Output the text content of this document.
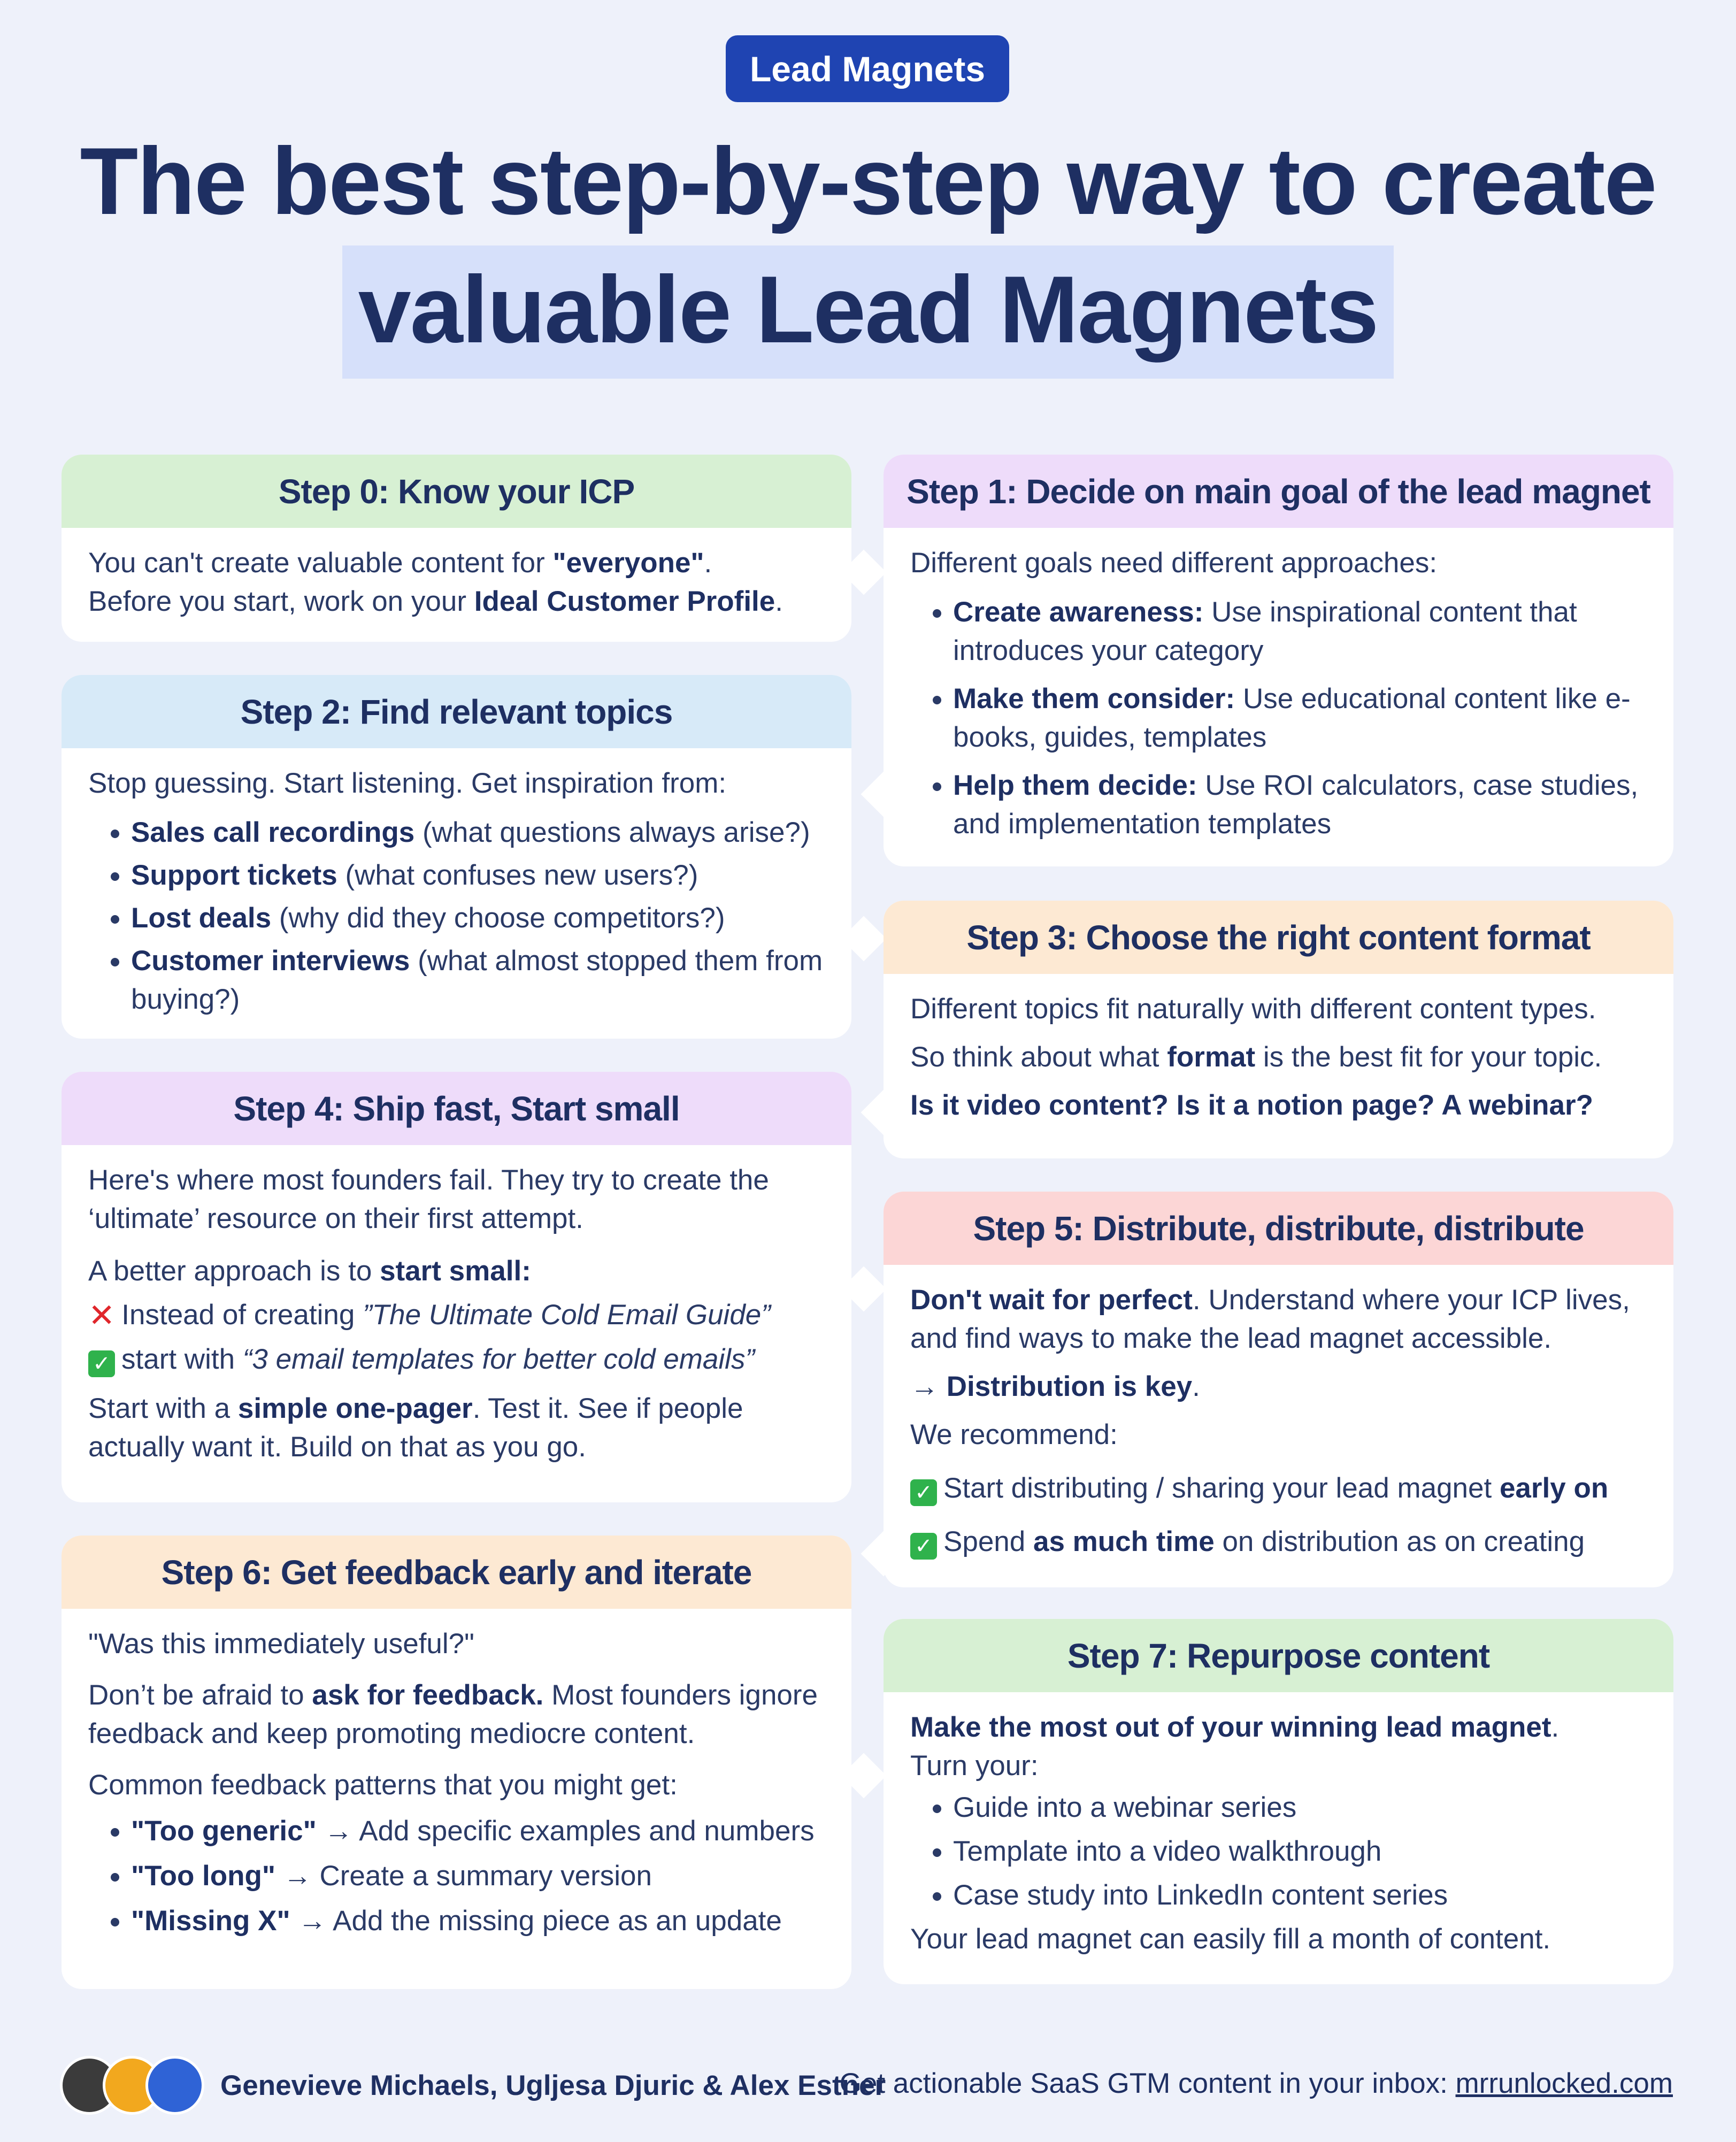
Lead Magnets
The best step-by-step way to create
valuable Lead Magnets
Step 0: Know your ICP

You can't create valuable content for "everyone".
Before you start, work on your Ideal Customer Profile.

Step 1: Decide on main goal of the lead magnet

Different goals need different approaches:

• Create awareness: Use inspirational content that introduces your category
• Make them consider: Use educational content like e-books, guides, templates
• Help them decide: Use ROI calculators, case studies, and implementation templates
Step 2: Find relevant topics

Stop guessing. Start listening. Get inspiration from:

• Sales call recordings (what questions always arise?)
• Support tickets (what confuses new users?)
• Lost deals (why did they choose competitors?)
• Customer interviews (what almost stopped them from buying?)
Step 3: Choose the right content format

Different topics fit naturally with different content types.

So think about what format is the best fit for your topic.

Is it video content? Is it a notion page? A webinar?

Step 4: Ship fast, Start small

Here's where most founders fail. They try to create the ‘ultimate’ resource on their first attempt.

A better approach is to start small:

✕ Instead of creating ”The Ultimate Cold Email Guide”

✓ start with “3 email templates for better cold emails”

Start with a simple one-pager. Test it. See if people actually want it. Build on that as you go.

Step 5: Distribute, distribute, distribute

Don't wait for perfect. Understand where your ICP lives, and find ways to make the lead magnet accessible.

→ Distribution is key.

We recommend:

✓ Start distributing / sharing your lead magnet early on

✓ Spend as much time on distribution as on creating

Step 6: Get feedback early and iterate

"Was this immediately useful?"

Don’t be afraid to ask for feedback. Most founders ignore feedback and keep promoting mediocre content.

Common feedback patterns that you might get:

• "Too generic" → Add specific examples and numbers
• "Too long" → Create a summary version
• "Missing X" → Add the missing piece as an update
Step 7: Repurpose content

Make the most out of your winning lead magnet.

Turn your:

• Guide into a webinar series
• Template into a video walkthrough
• Case study into LinkedIn content series

Your lead magnet can easily fill a month of content.

Genevieve Michaels, Ugljesa Djuric & Alex Estner
Get actionable SaaS GTM content in your inbox: mrrunlocked.com
